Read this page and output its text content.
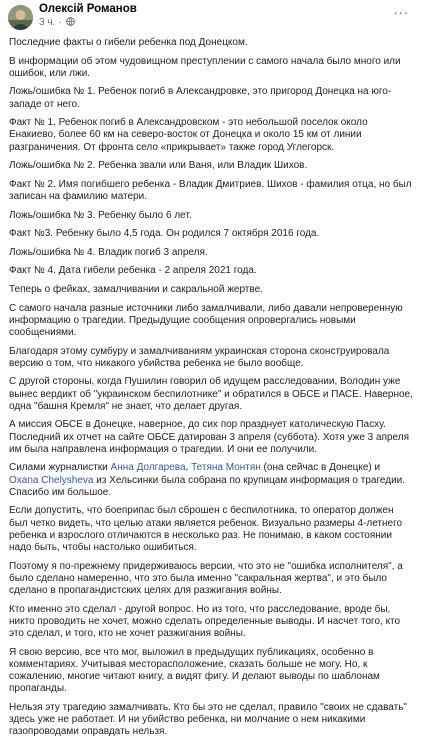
Олексій Романов
3 ч. ·
···

Последние факты о гибели ребенка под Донецком.

В информации об этом чудовищном преступлении с самого начала было много или ошибок, или лжи.

Ложь/ошибка № 1. Ребенок погиб в Александровке, это пригород Донецка на юго-западе от него.

Факт № 1. Ребенок погиб в Александровском - это небольшой поселок около Енакиево, более 60 км на северо-восток от Донецка и около 15 км от линии разграничения. От фронта село «прикрывает» также город Углегорск.

Ложь/ошибка № 2. Ребенка звали или Ваня, или Владик Шихов.

Факт № 2. Имя погибшего ребенка - Владик Дмитриев. Шихов - фамилия отца, но был записан на фамилию матери.

Ложь/ошибка № 3. Ребенку было 6 лет.

Факт №3. Ребенку было 4,5 года. Он родился 7 октября 2016 года.

Ложь/ошибка № 4. Владик погиб 3 апреля.

Факт № 4. Дата гибели ребенка - 2 апреля 2021 года.

Теперь о фейках, замалчивании и сакральной жертве.

С самого начала разные источники либо замалчивали, либо давали непроверенную информацию о трагедии. Предыдущие сообщения опровергались новыми сообщениями.

Благодаря этому сумбуру и замалчиваниям украинская сторона сконструировала версию о том, что никакого убийства ребенка не было вообще.

С другой стороны, когда Пушилин говорил об идущем расследовании, Володин уже вынес вердикт об "украинском беспилотнике" и обратился в ОБСЕ и ПАСЕ. Наверное, одна "башня Кремля" не знает, что делает другая.

А миссия ОБСЕ в Донецке, наверное, до сих пор празднует католическую Пасху. Последний их отчет на сайте ОБСЕ датирован 3 апреля (суббота). Хотя уже 3 апреля им была направлена информация о трагедии. И они ее получили.

Силами журналистки Анна Долгарева, Тетяна Монтян (она сейчас в Донецке) и
Oxana Chelysheva из Хельсинки была собрана по крупицам информация о трагедии. Спасибо им большое.

Если допустить, что боеприпас был сброшен с беспилотника, то оператор должен был четко видеть, что целью атаки является ребенок. Визуально размеры 4-летнего ребенка и взрослого отличаются в несколько раз. Не понимаю, в каком состоянии надо быть, чтобы настолько ошибиться.

Поэтому я по-прежнему придерживаюсь версии, что это не "ошибка исполнителя", а было сделано намеренно, что это была именно "сакральная жертва", и это было сделано в пропагандистских целях для разжигания войны.

Кто именно это сделал - другой вопрос. Но из того, что расследование, вроде бы, никто проводить не хочет, можно сделать определенные выводы. И насчет того, кто это сделал, и того, кто не хочет разжигания войны.

Я свою версию, все что мог, выложил в предыдущих публикациях, особенно в комментариях. Учитывая месторасположение, сказать больше не могу. Но, к сожалению, многие читают книгу, а видят фигу. И делают выводы по шаблонам пропаганды.

Нельзя эту трагедию замалчивать. Кто бы это не сделал, правило "своих не сдавать" здесь уже не работает. И ни убийство ребенка, ни молчание о нем никакими газопроводами оправдать нельзя.
